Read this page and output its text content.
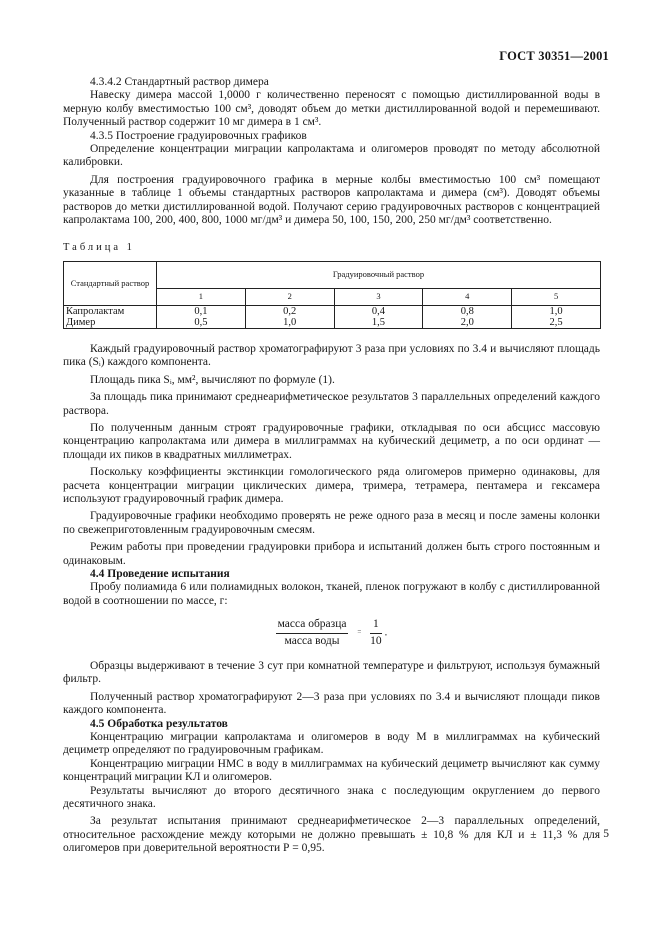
ГОСТ 30351—2001

4.3.4.2 Стандартный раствор димера

Навеску димера массой 1,0000 г количественно переносят с помощью дистиллированной воды в мерную колбу вместимостью 100 см³, доводят объем до метки дистиллированной водой и перемешивают. Полученный раствор содержит 10 мг димера в 1 см³.

4.3.5 Построение градуировочных графиков

Определение концентрации миграции капролактама и олигомеров проводят по методу абсолютной калибровки.

Для построения градуировочного графика в мерные колбы вместимостью 100 см³ помещают указанные в таблице 1 объемы стандартных растворов капролактама и димера (см³). Доводят объемы растворов до метки дистиллированной водой. Получают серию градуировочных растворов с концентрацией капролактама 100, 200, 400, 800, 1000 мг/дм³ и димера 50, 100, 150, 200, 250 мг/дм³ соответственно.

Таблица 1

Стандартный раствор	Градуировочный раствор				
	1	2	3	4	5
Капролактам	0,1	0,2	0,4	0,8	1,0
Димер	0,5	1,0	1,5	2,0	2,5

Каждый градуировочный раствор хроматографируют 3 раза при условиях по 3.4 и вычисляют площадь пика (Sᵢ) каждого компонента.

Площадь пика Sᵢ, мм², вычисляют по формуле (1).

За площадь пика принимают среднеарифметическое результатов 3 параллельных определений каждого раствора.

По полученным данным строят градуировочные графики, откладывая по оси абсцисс массовую концентрацию капролактама или димера в миллиграммах на кубический дециметр, а по оси ординат — площади их пиков в квадратных миллиметрах.

Поскольку коэффициенты экстинкции гомологического ряда олигомеров примерно одинаковы, для расчета концентрации миграции циклических димера, тримера, тетрамера, пентамера и гексамера используют градуировочный график димера.

Градуировочные графики необходимо проверять не реже одного раза в месяц и после замены колонки по свежеприготовленным градуировочным смесям.

Режим работы при проведении градуировки прибора и испытаний должен быть строго постоянным и одинаковым.

4.4 Проведение испытания

Пробу полиамида 6 или полиамидных волокон, тканей, пленок погружают в колбу с дистиллированной водой в соотношении по массе, г:

$\frac{\text{масса образца}}{\text{масса воды}} = \frac{1}{10}$ .

Образцы выдерживают в течение 3 сут при комнатной температуре и фильтруют, используя бумажный фильтр.

Полученный раствор хроматографируют 2—3 раза при условиях по 3.4 и вычисляют площади пиков каждого компонента.

4.5 Обработка результатов

Концентрацию миграции капролактама и олигомеров в воду М в миллиграммах на кубический дециметр определяют по градуировочным графикам.

Концентрацию миграции НМС в воду в миллиграммах на кубический дециметр вычисляют как сумму концентраций миграции КЛ и олигомеров.

Результаты вычисляют до второго десятичного знака с последующим округлением до первого десятичного знака.

За результат испытания принимают среднеарифметическое 2—3 параллельных определений, относительное расхождение между которыми не должно превышать ± 10,8 % для КЛ и ± 11,3 % для олигомеров при доверительной вероятности Р = 0,95.

5
